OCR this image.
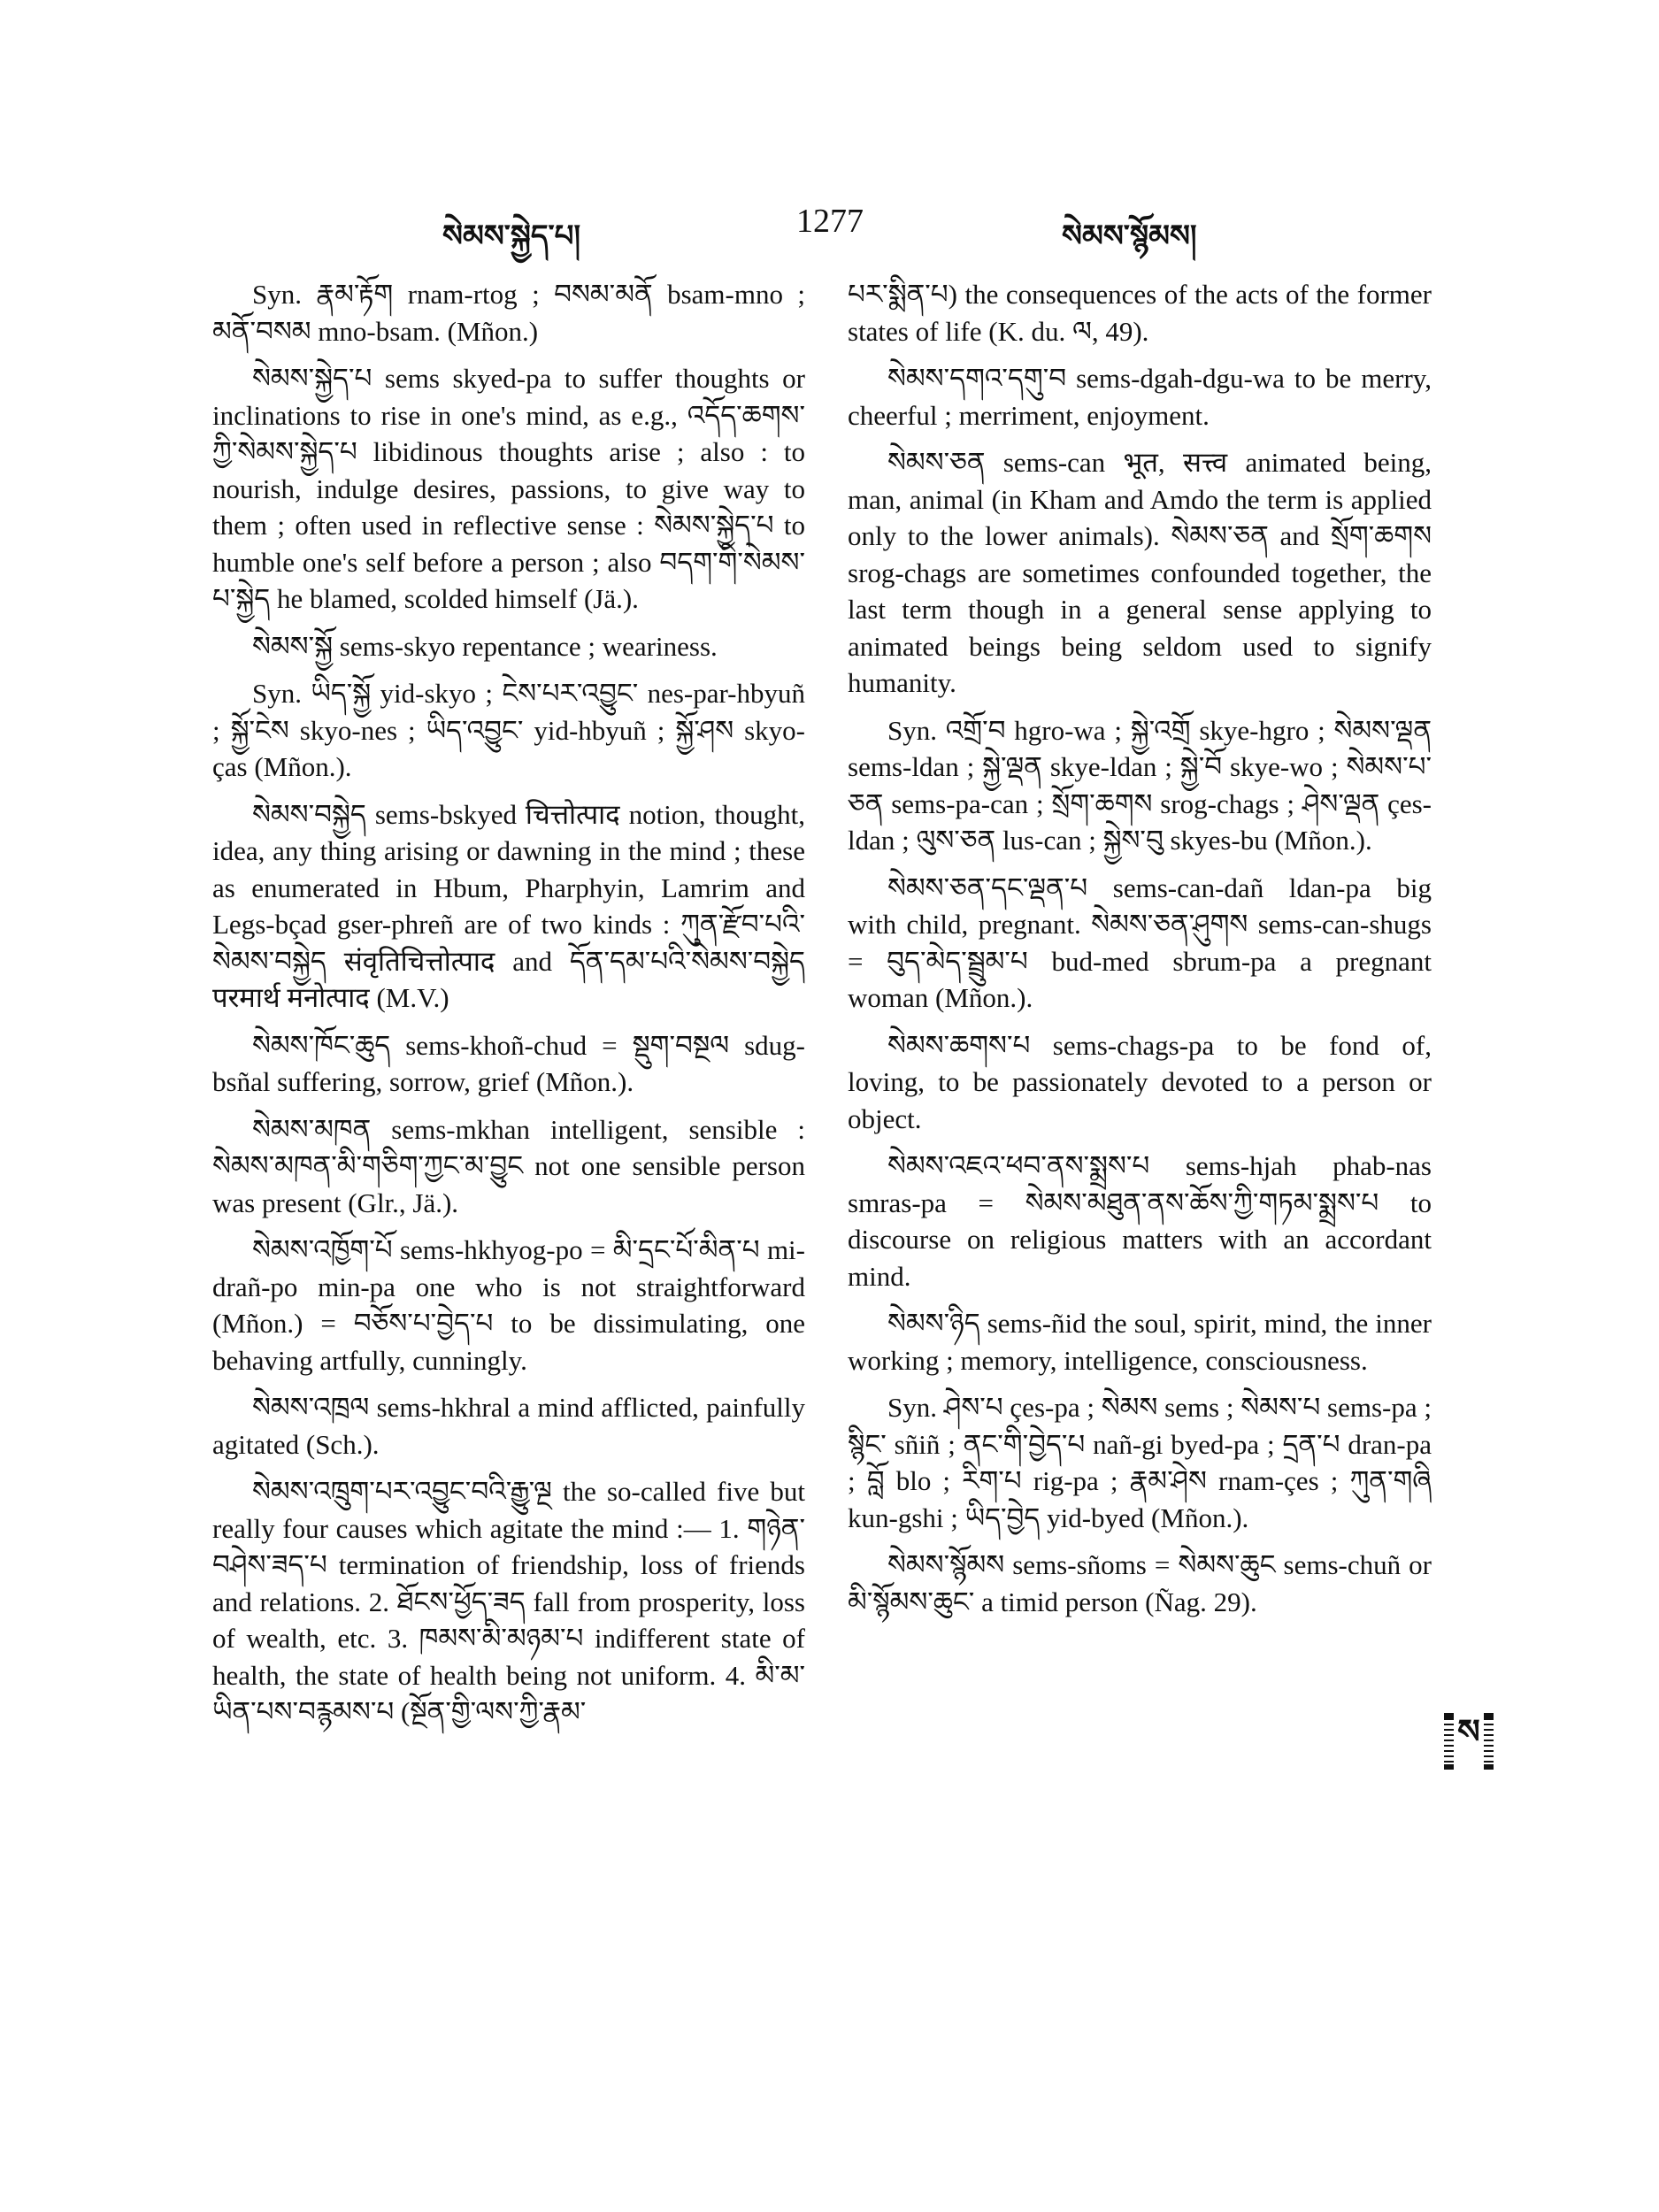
སེམས་སྐྱེད་པ།	1277	སེམས་སྙོམས།

Syn. རྣམ་རྟོག rnam-rtog ; བསམ་མནོ bsam-mno ; མནོ་བསམ mno-bsam. (Mñon.)

སེམས་སྐྱེད་པ sems skyed-pa to suffer thoughts or inclinations to rise in one's mind, as e.g., འདོད་ཆགས་ཀྱི་སེམས་སྐྱེད་པ libidinous thoughts arise ; also : to nourish, indulge desires, passions, to give way to them ; often used in reflective sense : སེམས་སྐྱེད་པ to humble one's self before a person ; also བདག་གི་སེམས་པ་སྐྱེད he blamed, scolded himself (Jä.).

སེམས་སྐྱོ sems-skyo repentance ; weariness.

Syn. ཡིད་སྐྱོ yid-skyo ; ངེས་པར་འབྱུང་ nes-par-hbyuñ ; སྐྱོ་ངེས skyo-nes ; ཡིད་འབྱུང་ yid-hbyuñ ; སྐྱོ་ཤས skyo-ças (Mñon.).

སེམས་བསྐྱེད sems-bskyed चित्तोत्पाद notion, thought, idea, any thing arising or dawning in the mind ; these as enumerated in Hbum, Pharphyin, Lamrim and Legs-bçad gser-phreñ are of two kinds : ཀུན་རྫོབ་པའི་སེམས་བསྐྱེད संवृतिचित्तोत्पाद and དོན་དམ་པའི་སེམས་བསྐྱེད परमार्थ मनोत्पाद (M.V.)

སེམས་ཁོང་ཆུད sems-khoñ-chud = སྡུག་བསྔལ sdug-bsñal suffering, sorrow, grief (Mñon.).

སེམས་མཁན sems-mkhan intelligent, sensible : སེམས་མཁན་མི་གཅིག་ཀྱང་མ་བྱུང not one sensible person was present (Glr., Jä.).

སེམས་འཁྱོག་པོ sems-hkhyog-po = མི་དྲང་པོ་མིན་པ mi-drañ-po min-pa one who is not straightforward (Mñon.) = བཅོས་པ་བྱེད་པ to be dissimulating, one behaving artfully, cunningly.

སེམས་འཁྲལ sems-hkhral a mind afflicted, painfully agitated (Sch.).

སེམས་འཁྲུག་པར་འབྱུང་བའི་རྒྱུ་ལྔ the so-called five but really four causes which agitate the mind :— 1. གཉེན་བཤེས་ཟད་པ termination of friendship, loss of friends and relations. 2. ཐོངས་ཕྱོད་ཟད fall from prosperity, loss of wealth, etc. 3. ཁམས་མི་མཉམ་པ indifferent state of health, the state of health being not uniform. 4. མི་མ་ཡིན་པས་བརྙམས་པ (སྔོན་གྱི་ལས་ཀྱི་རྣམ་

པར་སྨིན་པ) the consequences of the acts of the former states of life (K. du. ལ, 49).

སེམས་དགའ་དགུ་བ sems-dgah-dgu-wa to be merry, cheerful ; merriment, enjoyment.

སེམས་ཅན sems-can भूत, सत्त्व animated being, man, animal (in Kham and Amdo the term is applied only to the lower animals). སེམས་ཅན and སྲོག་ཆགས srog-chags are sometimes confounded together, the last term though in a general sense applying to animated beings being seldom used to signify humanity.

Syn. འགྲོ་བ hgro-wa ; སྐྱེ་འགྲོ skye-hgro ; སེམས་ལྡན sems-ldan ; སྐྱེ་ལྡན skye-ldan ; སྐྱེ་བོ skye-wo ; སེམས་པ་ཅན sems-pa-can ; སྲོག་ཆགས srog-chags ; ཤེས་ལྡན çes-ldan ; ལུས་ཅན lus-can ; སྐྱེས་བུ skyes-bu (Mñon.).

སེམས་ཅན་དང་ལྡན་པ sems-can-dañ ldan-pa big with child, pregnant. སེམས་ཅན་ཤུགས sems-can-shugs = བུད་མེད་སྦྲུམ་པ bud-med sbrum-pa a pregnant woman (Mñon.).

སེམས་ཆགས་པ sems-chags-pa to be fond of, loving, to be passionately devoted to a person or object.

སེམས་འཇའ་ཕབ་ནས་སྨྲས་པ sems-hjah phab-nas smras-pa = སེམས་མཐུན་ནས་ཆོས་ཀྱི་གཏམ་སྨྲས་པ to discourse on religious matters with an accordant mind.

སེམས་ཉིད sems-ñid the soul, spirit, mind, the inner working ; memory, intelligence, consciousness.

Syn. ཤེས་པ çes-pa ; སེམས sems ; སེམས་པ sems-pa ; སྙིང་ sñiñ ; ནང་གི་བྱེད་པ nañ-gi byed-pa ; དྲན་པ dran-pa ; བློ blo ; རིག་པ rig-pa ; རྣམ་ཤེས rnam-çes ; ཀུན་གཞི kun-gshi ; ཡིད་བྱེད yid-byed (Mñon.).

སེམས་སྙོམས sems-sñoms = སེམས་ཆུང sems-chuñ or མི་སྙོམས་ཆུང་ a timid person (Ñag. 29).

ས
